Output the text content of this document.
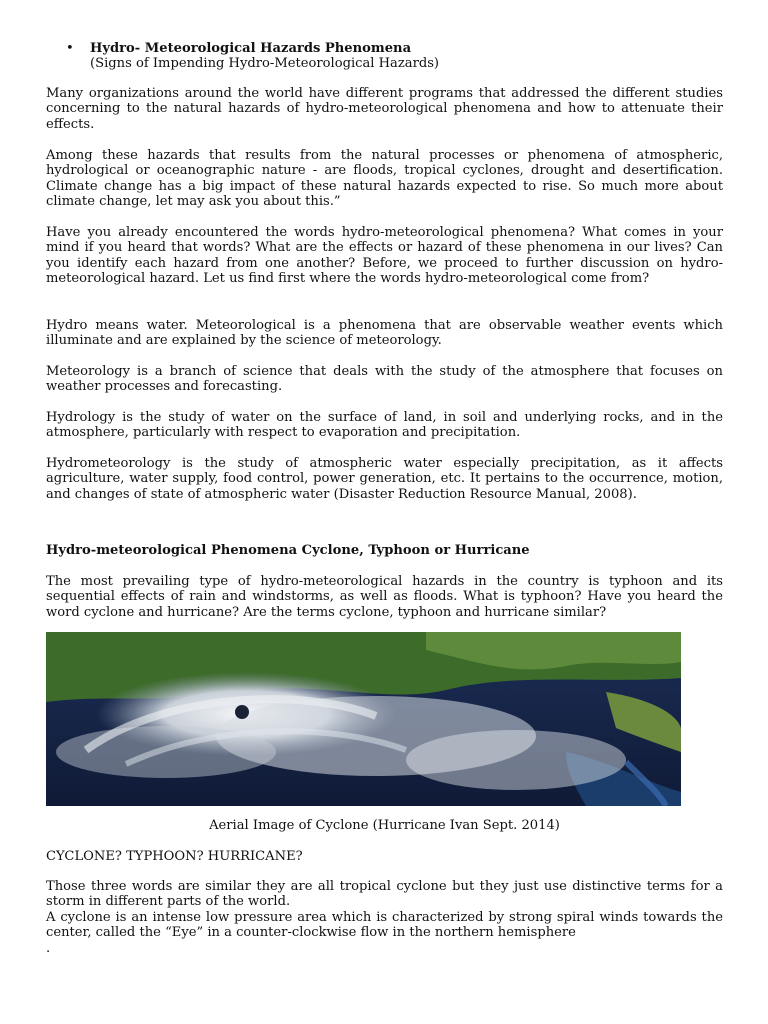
• Hydro- Meteorological Hazards Phenomena
(Signs of Impending Hydro-Meteorological Hazards)

Many organizations around the world have different programs that addressed the different studies concerning to the natural hazards of hydro-meteorological phenomena and how to attenuate their effects.

Among these hazards that results from the natural processes or phenomena of atmospheric, hydrological or oceanographic nature - are floods, tropical cyclones, drought and desertification. Climate change has a big impact of these natural hazards expected to rise. So much more about climate change, let may ask you about this.”

Have you already encountered the words hydro-meteorological phenomena? What comes in your mind if you heard that words? What are the effects or hazard of these phenomena in our lives? Can you identify each hazard from one another? Before, we proceed to further discussion on hydro-meteorological hazard. Let us find first where the words hydro-meteorological come from?

Hydro means water. Meteorological is a phenomena that are observable weather events which illuminate and are explained by the science of meteorology.

Meteorology is a branch of science that deals with the study of the atmosphere that focuses on weather processes and forecasting.

Hydrology is the study of water on the surface of land, in soil and underlying rocks, and in the atmosphere, particularly with respect to evaporation and precipitation.

Hydrometeorology is the study of atmospheric water especially precipitation, as it affects agriculture, water supply, food control, power generation, etc. It pertains to the occurrence, motion, and changes of state of atmospheric water (Disaster Reduction Resource Manual, 2008).

Hydro-meteorological Phenomena Cyclone, Typhoon or Hurricane

The most prevailing type of hydro-meteorological hazards in the country is typhoon and its sequential effects of rain and windstorms, as well as floods. What is typhoon? Have you heard the word cyclone and hurricane? Are the terms cyclone, typhoon and hurricane similar?

Aerial Image of Cyclone (Hurricane Ivan Sept. 2014)
CYCLONE? TYPHOON? HURRICANE?

Those three words are similar they are all tropical cyclone but they just use distinctive terms for a storm in different parts of the world.

A cyclone is an intense low pressure area which is characterized by strong spiral winds towards the center, called the “Eye” in a counter-clockwise flow in the northern hemisphere

.
